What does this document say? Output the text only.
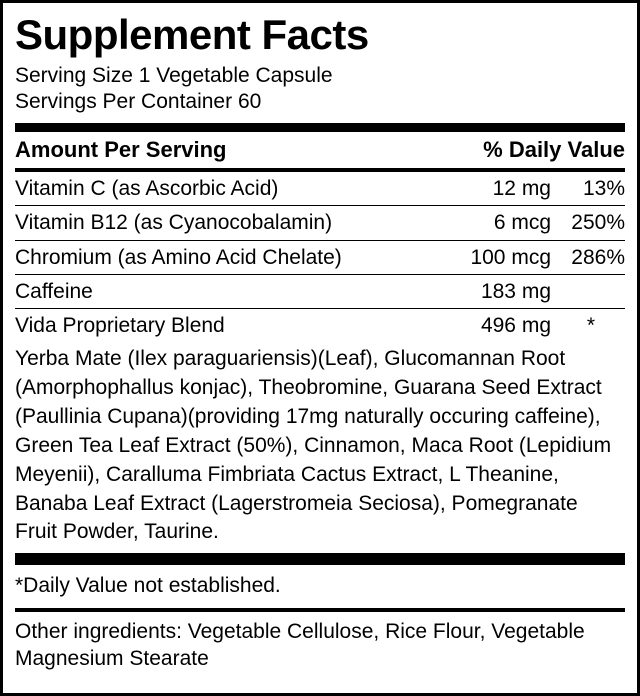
Supplement Facts
Serving Size 1 Vegetable Capsule
Servings Per Container 60
Amount Per Serving	% Daily Value
Vitamin C (as Ascorbic Acid)	12 mg	13%
Vitamin B12 (as Cyanocobalamin)	6 mcg 250%
Chromium (as Amino Acid Chelate)	100 mcg 286%
Caffeine	183 mg
Vida Proprietary Blend	496 mg	*
Yerba Mate (Ilex paraguariensis)(Leaf), Glucomannan Root (Amorphophallus konjac), Theobromine, Guarana Seed Extract (Paullinia Cupana)(providing 17mg naturally occuring caffeine), Green Tea Leaf Extract (50%), Cinnamon, Maca Root (Lepidium Meyenii), Caralluma Fimbriata Cactus Extract, L Theanine, Banaba Leaf Extract (Lagerstromeia Seciosa), Pomegranate Fruit Powder, Taurine.
*Daily Value not established.
Other ingredients: Vegetable Cellulose, Rice Flour, Vegetable Magnesium Stearate
